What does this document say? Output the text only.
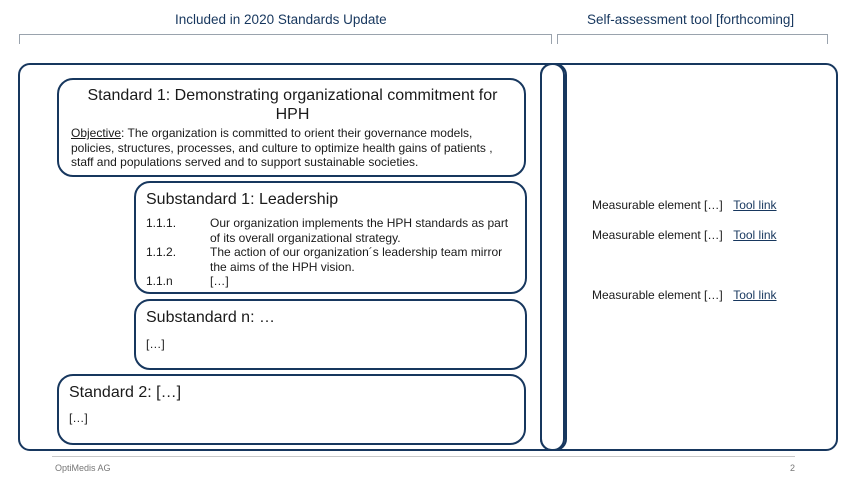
Included in 2020 Standards Update	Self-assessment tool [forthcoming]
Standard 1: Demonstrating organizational commitment for HPH
Objective: The organization is committed to orient their governance models, policies, structures, processes, and culture to optimize health gains of patients , staff and populations served and to support sustainable societies.
Substandard 1: Leadership
1.1.1.	Our organization implements the HPH standards as part of its overall organizational strategy.
1.1.2.	The action of our organization´s leadership team mirror the aims of the HPH vision.
1.1.n	[…]
Substandard n: …
[…]
Standard 2: […]
[…]
Measurable element […] Tool link
Measurable element […] Tool link
Measurable element […] Tool link
OptiMedis AG	2
